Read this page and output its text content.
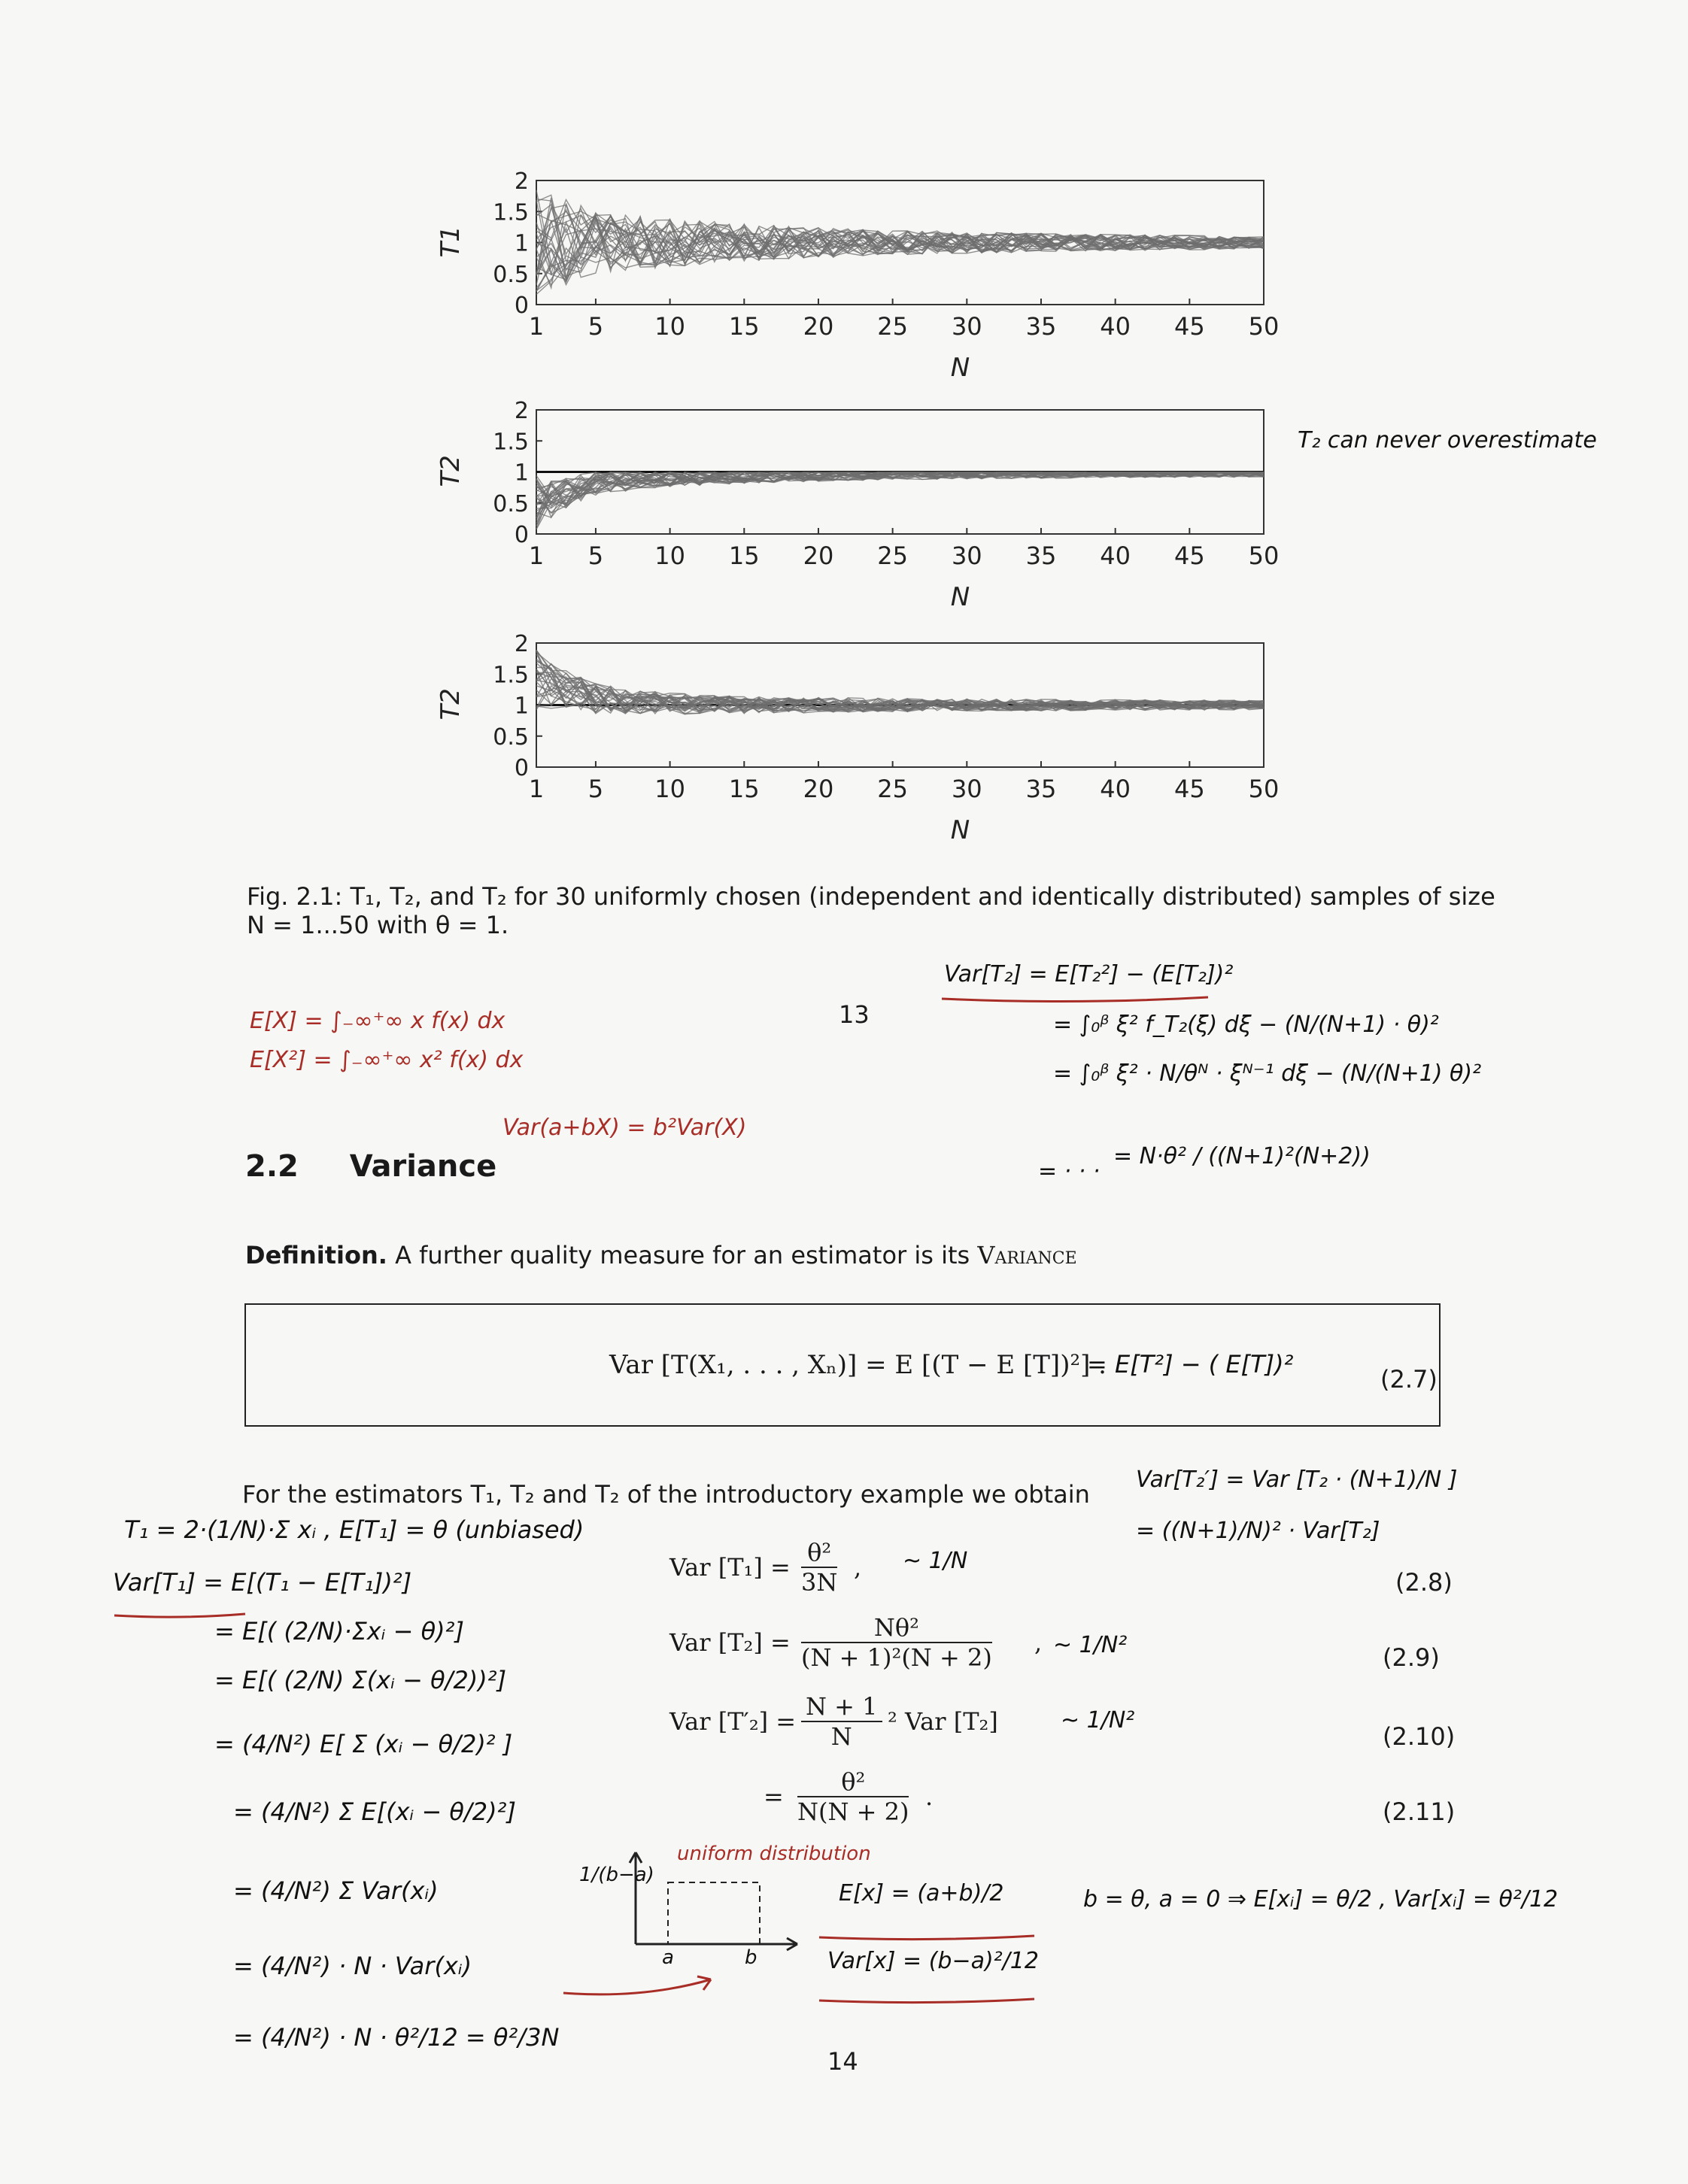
1 5 10 15 20 25 30 35 40 45 50
0
0.5
1
1.5
2
N
T1
1 5 10 15 20 25 30 35 40 45 50
0
0.5
1
1.5
2
N
T2
1 5 10 15 20 25 30 35 40 45 50
0
0.5
1
1.5
2
N
T2
T₂ can never overestimate
Fig. 2.1: T₁, T₂, and T₂ for 30 uniformly chosen (independent and identically distributed) samples of size
N = 1...50 with θ = 1.
13
E[X] = ∫₋∞⁺∞ x f(x) dx
E[X²] = ∫₋∞⁺∞ x² f(x) dx
Var(a+bX) = b²Var(X)
Var[T₂] = E[T₂²] − (E[T₂])²
= ∫₀ᵝ ξ² f_T₂(ξ) dξ − (N/(N+1) · θ)²
= ∫₀ᵝ ξ² · N/θᴺ · ξᴺ⁻¹ dξ − (N/(N+1) θ)²
= · · ·
= N·θ² / ((N+1)²(N+2))
2.2 Variance
Definition. A further quality measure for an estimator is its Variance
Var [T(X₁, . . . , Xₙ)] = E [(T − E [T])²] .
= E[T²] − ( E[T])²
(2.7)
For the estimators T₁, T₂ and T₂ of the introductory example we obtain
Var[T₂′] = Var [T₂ · (N+1)/N ]
= ((N+1)/N)² · Var[T₂]
Var $[T_1] = \frac{\text{θ²}}{3N}$ ,
(2.8)
Var $[T_2] = \frac{\text{Nθ²}}{\text{(N + 1)²(N + 2)}}$ ,
(2.9)
Var $[T'_2] = \frac{N + 1}{N} ^2$ Var [T₂]
(2.10)
= $\frac{\text{θ²}}{N(N + 2)}$ .
(2.11)
~ 1/N
~ 1/N²
~ 1/N²
T₁ = 2·(1/N)·Σ xᵢ , E[T₁] = θ (unbiased)
Var[T₁] = E[(T₁ − E[T₁])²]
= E[( (2/N)·Σxᵢ − θ)²]
= E[( (2/N) Σ(xᵢ − θ/2))²]
= (4/N²) E[ Σ (xᵢ − θ/2)² ]
= (4/N²) Σ E[(xᵢ − θ/2)²]
= (4/N²) Σ Var(xᵢ)
= (4/N²) · N · Var(xᵢ)
= (4/N²) · N · θ²/12 = θ²/3N
uniform distribution
1/(b−a)
a	b
E[x] = (a+b)/2
Var[x] = (b−a)²/12
b = θ, a = 0 ⇒ E[xᵢ] = θ/2 , Var[xᵢ] = θ²/12
14
